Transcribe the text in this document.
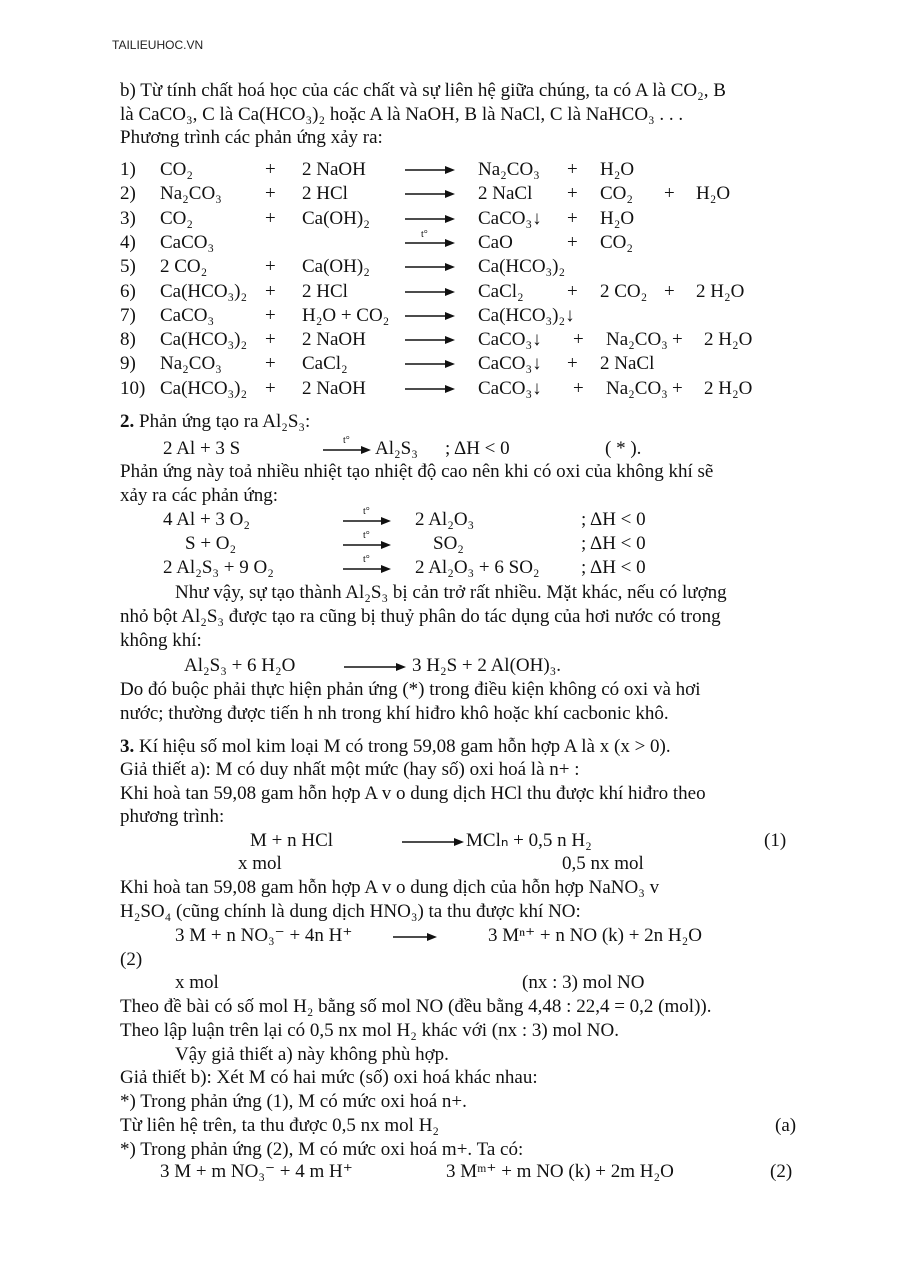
TAILIEUHOC.VN
b) Từ tính chất hoá học của các chất và sự liên hệ giữa chúng, ta có A là CO₂, B
là CaCO₃, C là Ca(HCO₃)₂ hoặc A là NaOH, B là NaCl, C là NaHCO₃ . . .
Phương trình các phản ứng xảy ra:
1) CO₂	+ 2 NaOH	Na₂CO₃ + H₂O
2) Na₂CO₃ + 2 HCl	2 NaCl + CO₂ + H₂O
3) CO₂	+ Ca(OH)₂	CaCO₃↓ + H₂O
4) CaCO₃	CaO	+ CO₂
t°
5) 2 CO₂	+ Ca(OH)₂	Ca(HCO₃)₂
6) Ca(HCO₃)₂ + 2 HCl	CaCl₂ + 2 CO₂ + 2 H₂O
7) CaCO₃	+ H₂O + CO₂	Ca(HCO₃)₂↓
8) Ca(HCO₃)₂ + 2 NaOH	CaCO₃↓ + Na₂CO₃ + 2 H₂O
9) Na₂CO₃ + CaCl₂	CaCO₃↓ + 2 NaCl
10) Ca(HCO₃)₂ + 2 NaOH	CaCO₃↓ + Na₂CO₃ + 2 H₂O
2. Phản ứng tạo ra Al₂S₃:
2 Al + 3 S	t° Al₂S₃ ; ΔH < 0	( * ).
Phản ứng này toả nhiều nhiệt tạo nhiệt độ cao nên khi có oxi của không khí sẽ
xảy ra các phản ứng:
4 Al + 3 O₂	t° 2 Al₂O₃	; ΔH < 0
S + O₂	t°	SO₂	; ΔH < 0
2 Al₂S₃ + 9 O₂	t° 2 Al₂O₃ + 6 SO₂ ; ΔH < 0
Như vậy, sự tạo thành Al₂S₃ bị cản trở rất nhiều. Mặt khác, nếu có lượng
nhỏ bột Al₂S₃ được tạo ra cũng bị thuỷ phân do tác dụng của hơi nước có trong
không khí:
Al₂S₃ + 6 H₂O	→ 3 H₂S + 2 Al(OH)₃.
Do đó buộc phải thực hiện phản ứng (*) trong điều kiện không có oxi và hơi
nước; thường được tiến h nh trong khí hiđro khô hoặc khí cacbonic khô.
3. Kí hiệu số mol kim loại M có trong 59,08 gam hỗn hợp A là x (x > 0).
Giả thiết a): M có duy nhất một mức (hay số) oxi hoá là n+ :
Khi hoà tan 59,08 gam hỗn hợp A v o dung dịch HCl thu được khí hiđro theo
phương trình:
M + n HCl	→ MClₙ + 0,5 n H₂	(1)
x mol	0,5 nx mol
Khi hoà tan 59,08 gam hỗn hợp A v o dung dịch của hỗn hợp NaNO₃ v
H₂SO₄ (cũng chính là dung dịch HNO₃) ta thu được khí NO:
3 M + n NO₃⁻ + 4n H⁺	3 Mⁿ⁺ + n NO (k) + 2n H₂O
(2)
x mol	(nx : 3) mol NO
Theo đề bài có số mol H₂ bằng số mol NO (đều bằng 4,48 : 22,4 = 0,2 (mol)).
Theo lập luận trên lại có 0,5 nx mol H₂ khác với (nx : 3) mol NO.
Vậy giả thiết a) này không phù hợp.
Giả thiết b): Xét M có hai mức (số) oxi hoá khác nhau:
*) Trong phản ứng (1), M có mức oxi hoá n+.
Từ liên hệ trên, ta thu được 0,5 nx mol H₂	(a)
*) Trong phản ứng (2), M có mức oxi hoá m+. Ta có:
3 M + m NO₃⁻ + 4 m H⁺	3 Mᵐ⁺ + m NO (k) + 2m H₂O	(2)
